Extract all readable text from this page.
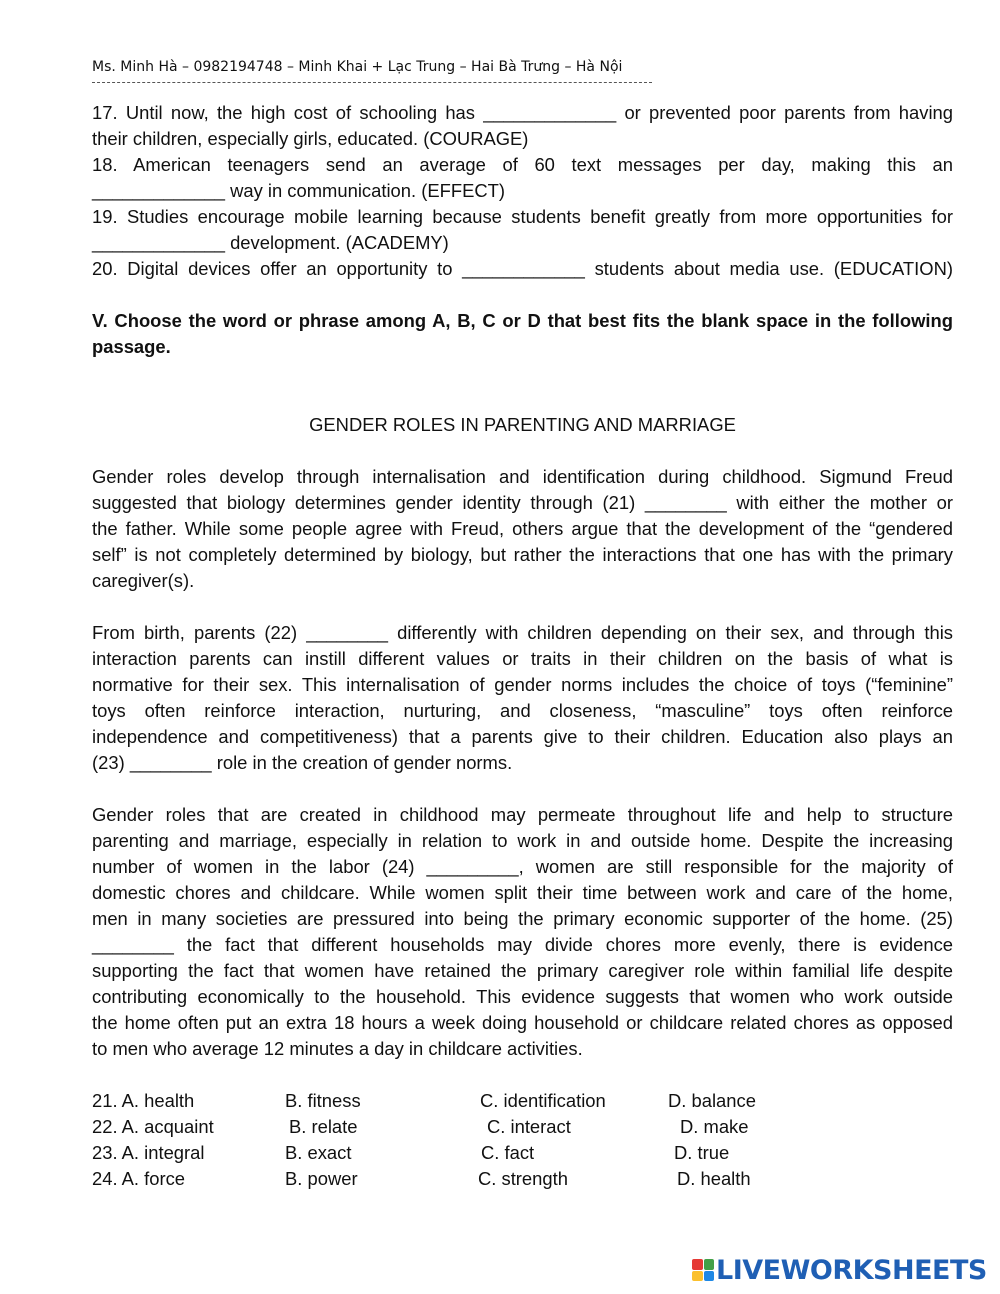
Ms. Minh Hà – 0982194748 – Minh Khai + Lạc Trung – Hai Bà Trưng – Hà Nội
17. Until now, the high cost of schooling has _____________ or prevented poor parents from having
their children, especially girls, educated. (COURAGE)
18. American teenagers send an average of 60 text messages per day, making this an
_____________ way in communication. (EFFECT)
19. Studies encourage mobile learning because students benefit greatly from more opportunities for
_____________ development. (ACADEMY)
20. Digital devices offer an opportunity to ____________ students about media use. (EDUCATION)
V. Choose the word or phrase among A, B, C or D that best fits the blank space in the following
passage.
GENDER ROLES IN PARENTING AND MARRIAGE
Gender roles develop through internalisation and identification during childhood. Sigmund Freud
suggested that biology determines gender identity through (21) ________ with either the mother or
the father. While some people agree with Freud, others argue that the development of the “gendered
self” is not completely determined by biology, but rather the interactions that one has with the primary
caregiver(s).
From birth, parents (22) ________ differently with children depending on their sex, and through this
interaction parents can instill different values or traits in their children on the basis of what is
normative for their sex. This internalisation of gender norms includes the choice of toys (“feminine”
toys often reinforce interaction, nurturing, and closeness, “masculine” toys often reinforce
independence and competitiveness) that a parents give to their children. Education also plays an
(23) ________ role in the creation of gender norms.
Gender roles that are created in childhood may permeate throughout life and help to structure
parenting and marriage, especially in relation to work in and outside home. Despite the increasing
number of women in the labor (24) _________, women are still responsible for the majority of
domestic chores and childcare. While women split their time between work and care of the home,
men in many societies are pressured into being the primary economic supporter of the home. (25)
________ the fact that different households may divide chores more evenly, there is evidence
supporting the fact that women have retained the primary caregiver role within familial life despite
contributing economically to the household. This evidence suggests that women who work outside
the home often put an extra 18 hours a week doing household or childcare related chores as opposed
to men who average 12 minutes a day in childcare activities.
21. A. health	B. fitness	C. identification	D. balance
22. A. acquaint	B. relate	C. interact	D. make
23. A. integral	B. exact	C. fact	D. true
24. A. force	B. power	C. strength	D. health
LIVEWORKSHEETS
